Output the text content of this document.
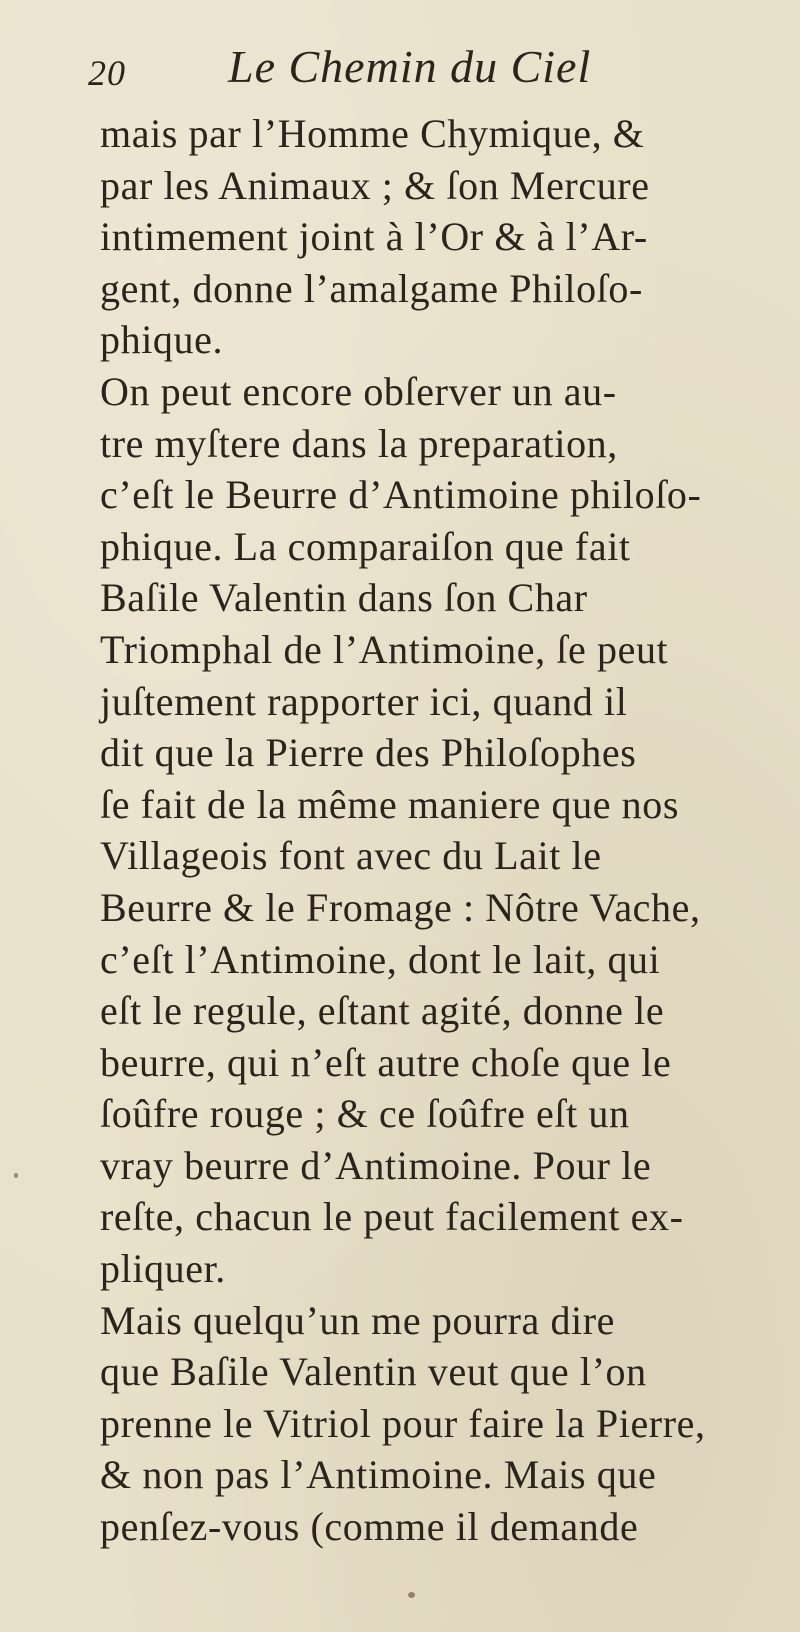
20 Le Chemin du Ciel
mais par l’Homme Chymique, &
par les Animaux ; & ſon Mercure
intimement joint à l’Or & à l’Ar-
gent, donne l’amalgame Philoſo-
phique.
On peut encore obſerver un au-
tre myſtere dans la preparation,
c’eſt le Beurre d’Antimoine philoſo-
phique. La comparaiſon que fait
Baſile Valentin dans ſon Char
Triomphal de l’Antimoine, ſe peut
juſtement rapporter ici, quand il
dit que la Pierre des Philoſophes
ſe fait de la même maniere que nos
Villageois font avec du Lait le
Beurre & le Fromage : Nôtre Vache,
c’eſt l’Antimoine, dont le lait, qui
eſt le regule, eſtant agité, donne le
beurre, qui n’eſt autre choſe que le
ſoûfre rouge ; & ce ſoûfre eſt un
vray beurre d’Antimoine. Pour le
reſte, chacun le peut facilement ex-
pliquer.
Mais quelqu’un me pourra dire
que Baſile Valentin veut que l’on
prenne le Vitriol pour faire la Pierre,
& non pas l’Antimoine. Mais que
penſez-vous (comme il demande
